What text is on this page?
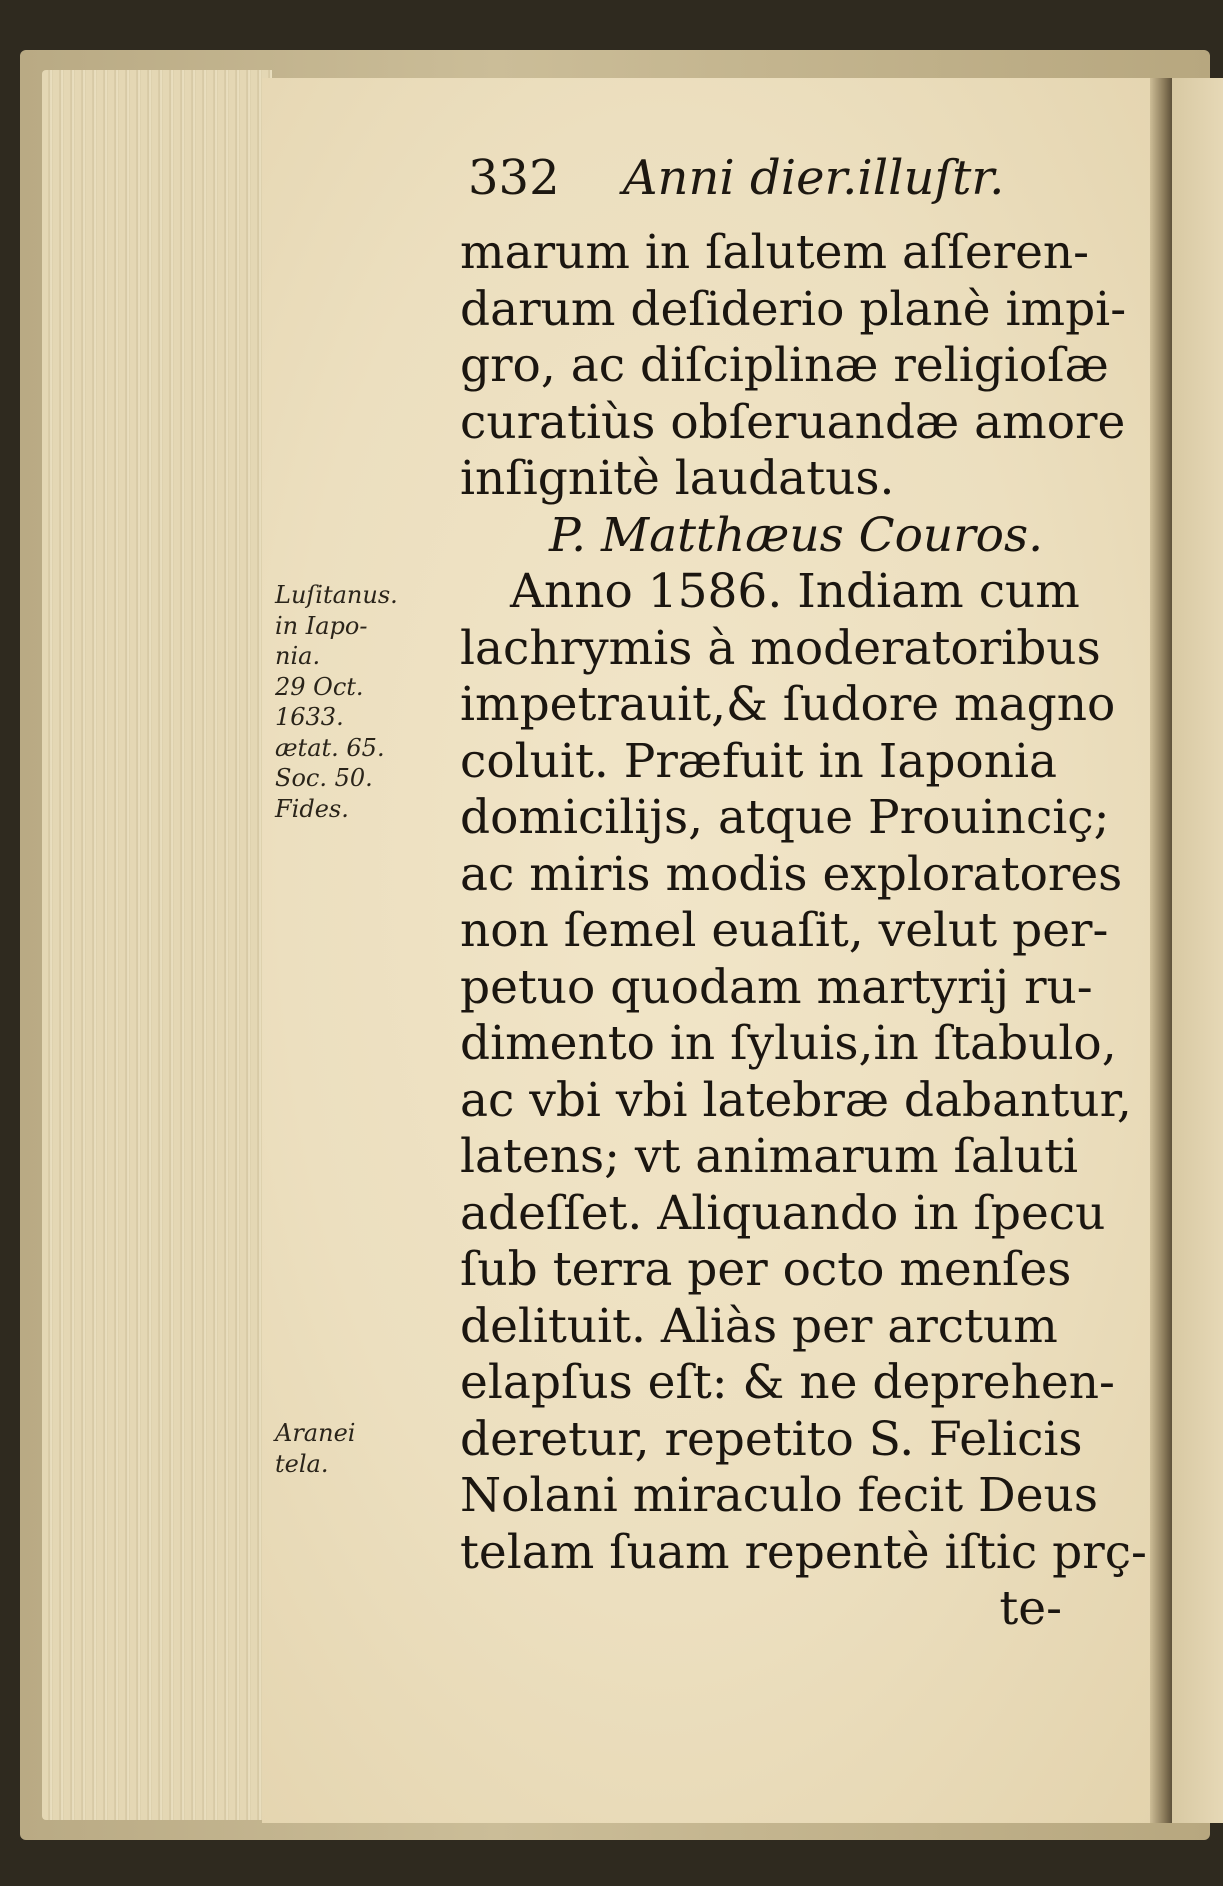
332 Anni dier.illuſtr.
marum in ſalutem aſſeren-
darum deſiderio planè impi-
gro, ac diſciplinæ religioſæ
curatiùs obſeruandæ amore
inſignitè laudatus.
P. Matthæus Couros.
Anno 1586. Indiam cum
lachrymis à moderatoribus
impetrauit,& ſudore magno
coluit. Præfuit in Iaponia
domicilijs, atque Prouinciç;
ac miris modis exploratores
non ſemel euaſit, velut per-
petuo quodam martyrij ru-
dimento in ſyluis,in ſtabulo,
ac vbi vbi latebræ dabantur,
latens; vt animarum ſaluti
adeſſet. Aliquando in ſpecu
ſub terra per octo menſes
delituit. Aliàs per arctum
elapſus eſt: & ne deprehen-
deretur, repetito S. Felicis
Nolani miraculo fecit Deus
telam ſuam repentè iſtic prç-
te-
Luſitanus.
in Iapo-
nia.
29 Oct.
1633.
ætat. 65.
Soc. 50.
Fides.
Aranei
tela.
